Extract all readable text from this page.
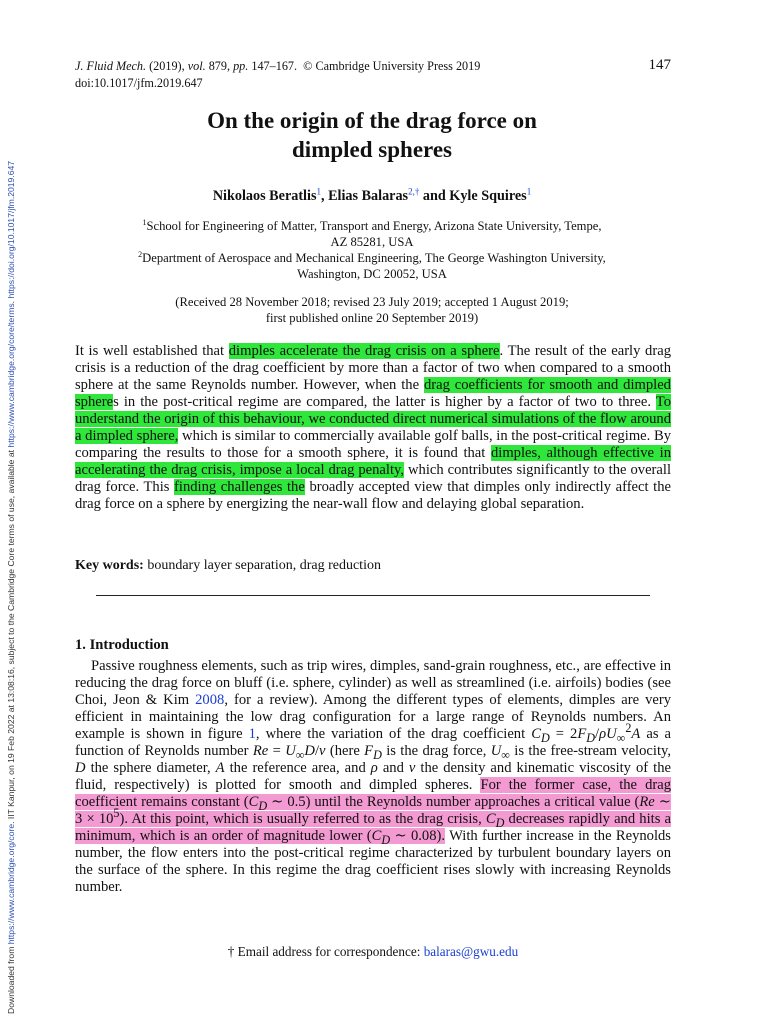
Downloaded from https://www.cambridge.org/core. IIT Kanpur, on 19 Feb 2022 at 13:08:16, subject to the Cambridge Core terms of use, available at https://www.cambridge.org/core/terms. https://doi.org/10.1017/jfm.2019.647
J. Fluid Mech. (2019), vol. 879, pp. 147–167. © Cambridge University Press 2019
doi:10.1017/jfm.2019.647
147
On the origin of the drag force on
dimpled spheres
Nikolaos Beratlis$^1$, Elias Balaras$^{2,\dagger}$ and Kyle Squires$^1$
$^1$School for Engineering of Matter, Transport and Energy, Arizona State University, Tempe,
AZ 85281, USA
$^2$Department of Aerospace and Mechanical Engineering, The George Washington University,
Washington, DC 20052, USA
(Received 28 November 2018; revised 23 July 2019; accepted 1 August 2019;
first published online 20 September 2019)
It is well established that dimples accelerate the drag crisis on a sphere. The result of the early drag crisis is a reduction of the drag coefficient by more than a factor of two when compared to a smooth sphere at the same Reynolds number. However, when the drag coefficients for smooth and dimpled spheres in the post-critical regime are compared, the latter is higher by a factor of two to three. To understand the origin of this behaviour, we conducted direct numerical simulations of the flow around a dimpled sphere, which is similar to commercially available golf balls, in the post-critical regime. By comparing the results to those for a smooth sphere, it is found that dimples, although effective in accelerating the drag crisis, impose a local drag penalty, which contributes significantly to the overall drag force. This finding challenges the broadly accepted view that dimples only indirectly affect the drag force on a sphere by energizing the near-wall flow and delaying global separation.
Key words: boundary layer separation, drag reduction
1. Introduction
Passive roughness elements, such as trip wires, dimples, sand-grain roughness, etc., are effective in reducing the drag force on bluff (i.e. sphere, cylinder) as well as streamlined (i.e. airfoils) bodies (see Choi, Jeon & Kim 2008, for a review). Among the different types of elements, dimples are very efficient in maintaining the low drag configuration for a large range of Reynolds numbers. An example is shown in figure 1, where the variation of the drag coefficient $C_D = 2F_D/\rho U_\infty^2A$ as a function of Reynolds number $Re = U_\infty D/\nu$ (here $F_D$ is the drag force, $U_\infty$ is the free-stream velocity, D the sphere diameter, A the reference area, and ρ and ν the density and kinematic viscosity of the fluid, respectively) is plotted for smooth and dimpled spheres. For the former case, the drag coefficient remains constant ($C_D$ ∼ 0.5) until the Reynolds number approaches a critical value (Re ∼ $3 \times 10^5$). At this point, which is usually referred to as the drag crisis, $C_D$ decreases rapidly and hits a minimum, which is an order of magnitude lower ($C_D$ ∼ 0.08). With further increase in the Reynolds number, the flow enters into the post-critical regime characterized by turbulent boundary layers on the surface of the sphere. In this regime the drag coefficient rises slowly with increasing Reynolds number.
† Email address for correspondence: balaras@gwu.edu
